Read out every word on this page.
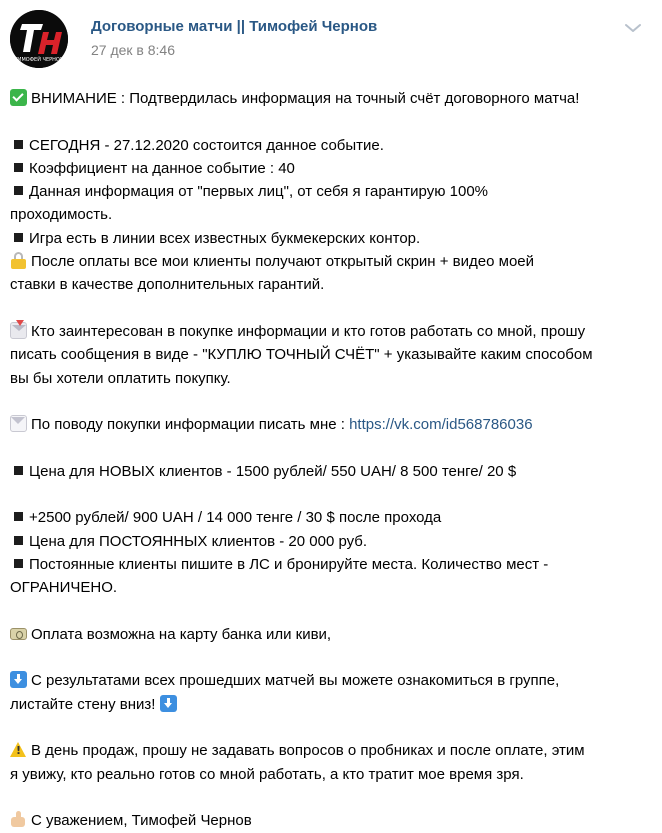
ТИМОФЕЙ ЧЕРНОВ
Договорные матчи || Тимофей Чернов
27 дек в 8:46
ВНИМАНИЕ : Подтвердилась информация на точный счёт договорного матча!
СЕГОДНЯ - 27.12.2020 состоится данное событие.
Коэффициент на данное событие : 40
Данная информация от "первых лиц", от себя я гарантирую 100%
проходимость.
Игра есть в линии всех известных букмекерских контор.
После оплаты все мои клиенты получают открытый скрин + видео моей
ставки в качестве дополнительных гарантий.
Кто заинтересован в покупке информации и кто готов работать со мной, прошу
писать сообщения в виде - "КУПЛЮ ТОЧНЫЙ СЧЁТ" + указывайте каким способом
вы бы хотели оплатить покупку.
По поводу покупки информации писать мне : https://vk.com/id568786036
Цена для НОВЫХ клиентов - 1500 рублей/ 550 UAH/ 8 500 тенге/ 20 $
+2500 рублей/ 900 UAH / 14 000 тенге / 30 $ после прохода
Цена для ПОСТОЯННЫХ клиентов - 20 000 руб.
Постоянные клиенты пишите в ЛС и бронируйте места. Количество мест -
ОГРАНИЧЕНО.
Оплата возможна на карту банка или киви,
С результатами всех прошедших матчей вы можете ознакомиться в группе,
листайте стену вниз!
!В день продаж, прошу не задавать вопросов о пробниках и после оплате, этим
я увижу, кто реально готов со мной работать, а кто тратит мое время зря.
С уважением, Тимофей Чернов
